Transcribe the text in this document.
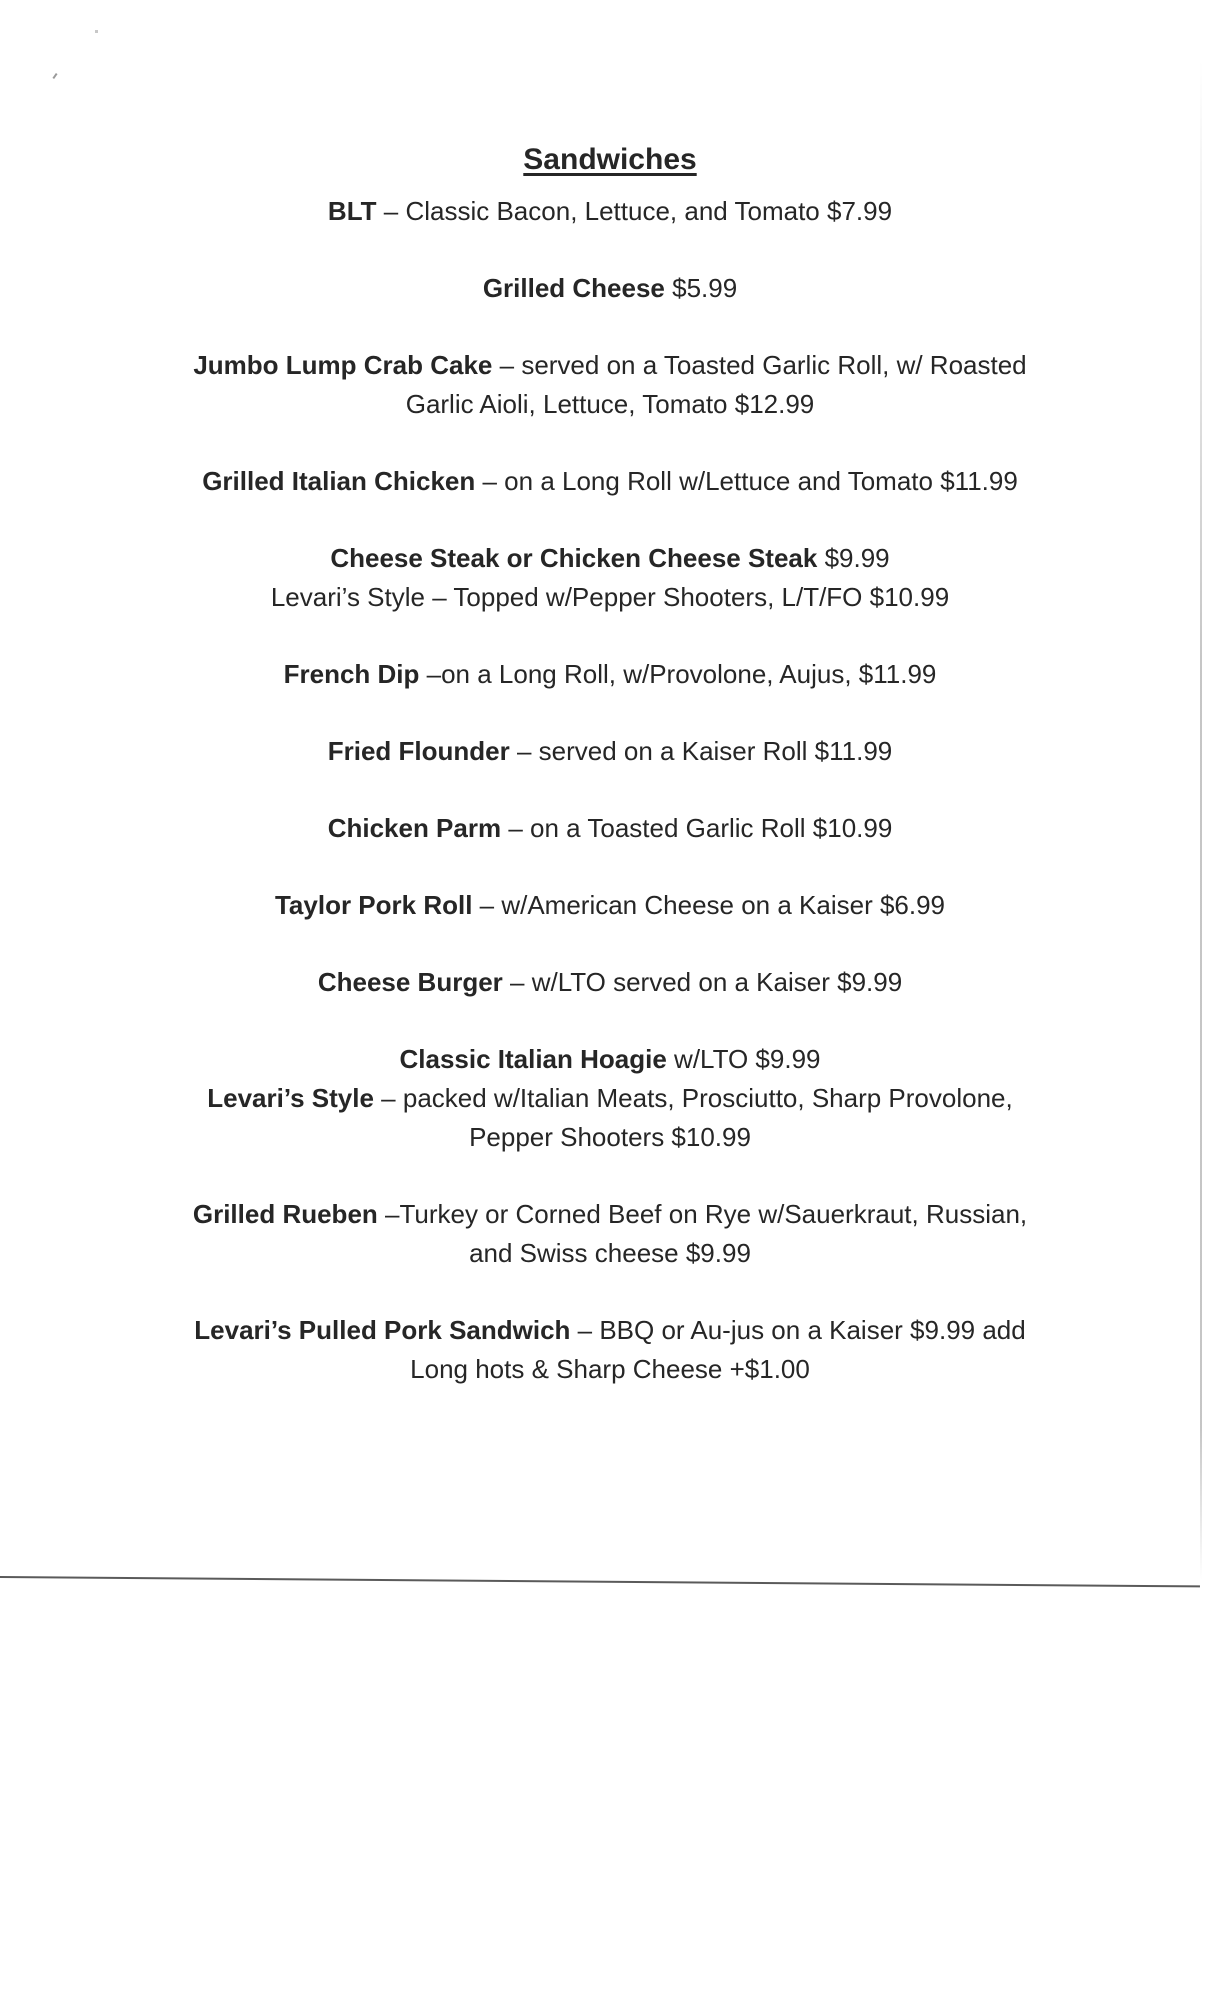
Sandwiches
BLT – Classic Bacon, Lettuce, and Tomato $7.99
Grilled Cheese $5.99
Jumbo Lump Crab Cake – served on a Toasted Garlic Roll, w/ Roasted
Garlic Aioli, Lettuce, Tomato $12.99
Grilled Italian Chicken – on a Long Roll w/Lettuce and Tomato $11.99
Cheese Steak or Chicken Cheese Steak $9.99
Levari’s Style – Topped w/Pepper Shooters, L/T/FO $10.99
French Dip –on a Long Roll, w/Provolone, Aujus, $11.99
Fried Flounder – served on a Kaiser Roll $11.99
Chicken Parm – on a Toasted Garlic Roll $10.99
Taylor Pork Roll – w/American Cheese on a Kaiser $6.99
Cheese Burger – w/LTO served on a Kaiser $9.99
Classic Italian Hoagie w/LTO $9.99
Levari’s Style – packed w/Italian Meats, Prosciutto, Sharp Provolone,
Pepper Shooters $10.99
Grilled Rueben –Turkey or Corned Beef on Rye w/Sauerkraut, Russian,
and Swiss cheese $9.99
Levari’s Pulled Pork Sandwich – BBQ or Au-jus on a Kaiser $9.99 add
Long hots & Sharp Cheese +$1.00
